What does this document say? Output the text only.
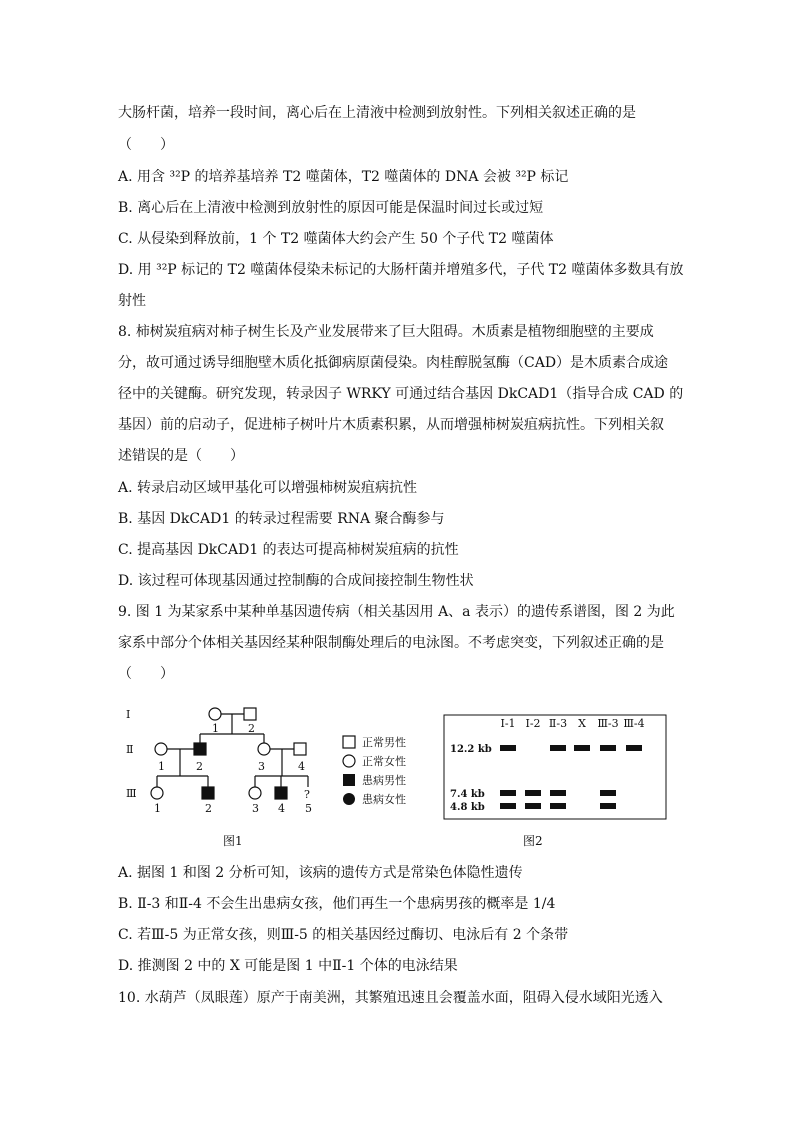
大肠杆菌，培养一段时间，离心后在上清液中检测到放射性。下列相关叙述正确的是
（　　）
A. 用含 ³²P 的培养基培养 T2 噬菌体，T2 噬菌体的 DNA 会被 ³²P 标记
B. 离心后在上清液中检测到放射性的原因可能是保温时间过长或过短
C. 从侵染到释放前，1 个 T2 噬菌体大约会产生 50 个子代 T2 噬菌体
D. 用 ³²P 标记的 T2 噬菌体侵染未标记的大肠杆菌并增殖多代，子代 T2 噬菌体多数具有放
射性
8. 柿树炭疽病对柿子树生长及产业发展带来了巨大阻碍。木质素是植物细胞壁的主要成
分，故可通过诱导细胞壁木质化抵御病原菌侵染。肉桂醇脱氢酶（CAD）是木质素合成途
径中的关键酶。研究发现，转录因子 WRKY 可通过结合基因 DkCAD1（指导合成 CAD 的
基因）前的启动子，促进柿子树叶片木质素积累，从而增强柿树炭疽病抗性。下列相关叙
述错误的是（　　）
A. 转录启动区域甲基化可以增强柿树炭疽病抗性
B. 基因 DkCAD1 的转录过程需要 RNA 聚合酶参与
C. 提高基因 DkCAD1 的表达可提高柿树炭疽病的抗性
D. 该过程可体现基因通过控制酶的合成间接控制生物性状
9. 图 1 为某家系中某种单基因遗传病（相关基因用 A、a 表示）的遗传系谱图，图 2 为此
家系中部分个体相关基因经某种限制酶处理后的电泳图。不考虑突变，下列叙述正确的是
（　　）
Ⅰ
Ⅱ
Ⅲ
1	2
1	2	3	4
1	2	3 4 5
?
正常男性
正常女性
患病男性
患病女性
Ⅰ-1 Ⅰ-2 Ⅱ-3 X Ⅲ-3 Ⅲ-4
12.2 kb
7.4 kb
4.8 kb
图1	图2
A. 据图 1 和图 2 分析可知，该病的遗传方式是常染色体隐性遗传
B. Ⅱ-3 和Ⅱ-4 不会生出患病女孩，他们再生一个患病男孩的概率是 1/4
C. 若Ⅲ-5 为正常女孩，则Ⅲ-5 的相关基因经过酶切、电泳后有 2 个条带
D. 推测图 2 中的 X 可能是图 1 中Ⅱ-1 个体的电泳结果
10. 水葫芦（凤眼莲）原产于南美洲，其繁殖迅速且会覆盖水面，阻碍入侵水域阳光透入
